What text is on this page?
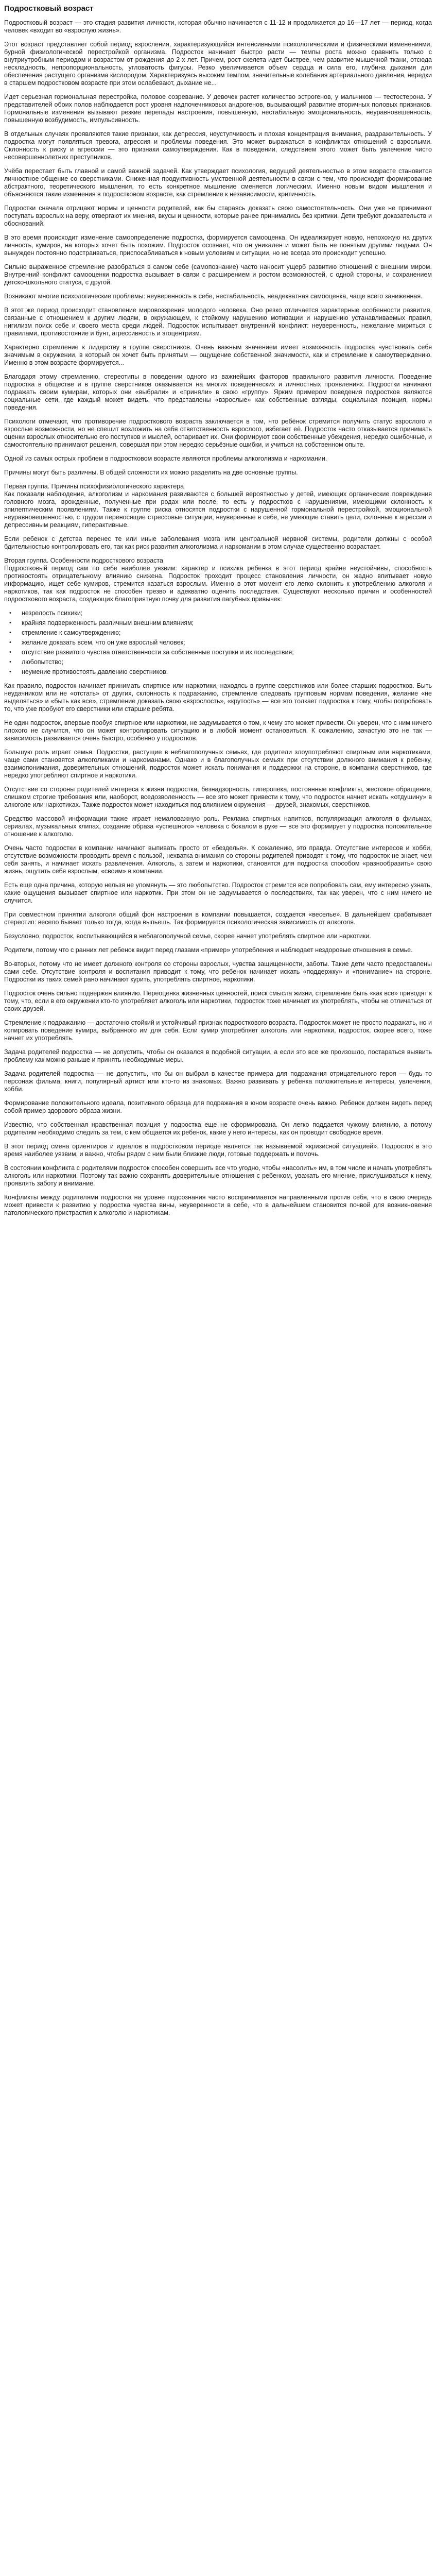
Подростковый возраст

Подростковый возраст — это стадия развития личности, которая обычно начинается с 11-12 и продолжается до 16—17 лет — период, когда человек «входит во «взрослую жизнь».

Этот возраст представляет собой период взросления, характеризующийся интенсивными психологическими и физическими изменениями, бурной физиологической перестройкой организма. Подросток начинает быстро расти — темпы роста можно сравнить только с внутриутробным периодом и возрастом от рождения до 2-х лет. Причем, рост скелета идет быстрее, чем развитие мышечной ткани, отсюда нескладность, непропорциональность, угловатость фигуры. Резко увеличивается объем сердца и сила его, глубина дыхания для обеспечения растущего организма кислородом. Характеризуясь высоким темпом, значительные колебания артериального давления, нередки в старшем подростковом возрасте при этом ослабевают, дыхание не...

Идет серьезная гормональная перестройка, половое созревание. У девочек растет количество эстрогенов, у мальчиков — тестостерона. У представителей обоих полов наблюдается рост уровня надпочечниковых андрогенов, вызывающий развитие вторичных половых признаков. Гормональные изменения вызывают резкие перепады настроения, повышенную, нестабильную эмоциональность, неуравновешенность, повышенную возбудимость, импульсивность.

В отдельных случаях проявляются такие признаки, как депрессия, неуступчивость и плохая концентрация внимания, раздражительность. У подростка могут появляться тревога, агрессия и проблемы поведения. Это может выражаться в конфликтах отношений с взрослыми. Склонность к риску и агрессии — это признаки самоутверждения. Как в поведении, следствием этого может быть увлечение чисто несовершеннолетних преступников.

Учёба перестает быть главной и самой важной задачей. Как утверждает психология, ведущей деятельностью в этом возрасте становится личностное общение со сверстниками. Сниженная продуктивность умственной деятельности в связи с тем, что происходит формирование абстрактного, теоретического мышления, то есть конкретное мышление сменяется логическим. Именно новым видом мышления и объясняются такие изменения в подростковом возрасте, как стремление к независимости, критичность.

Подростки сначала отрицают нормы и ценности родителей, как бы стараясь доказать свою самостоятельность. Они уже не принимают поступать взрослых на веру, отвергают их мнения, вкусы и ценности, которые ранее принимались без критики. Дети требуют доказательств и обоснований.

В это время происходит изменение самоопределение подростка, формируется самооценка. Он идеализирует новую, непохожую на других личность, кумиров, на которых хочет быть похожим. Подросток осознает, что он уникален и может быть не понятым другими людьми. Он вынужден постоянно подстраиваться, приспосабливаться к новым условиям и ситуации, но не всегда это происходит успешно.

Сильно выраженное стремление разобраться в самом себе (самопознание) часто наносит ущерб развитию отношений с внешним миром. Внутренний конфликт самооценки подростка вызывает в связи с расширением и ростом возможностей, с одной стороны, и сохранением детско-школьного статуса, с другой.

Возникают многие психологические проблемы: неуверенность в себе, нестабильность, неадекватная самооценка, чаще всего заниженная.

В этот же период происходит становление мировоззрения молодого человека. Оно резко отличается характерные особенности развития, связанные с отношением к другим людям, в окружающем, к стойкому нарушению мотивации и нарушению устанавливаемых правил, нигилизм поиск себе и своего места среди людей. Подросток испытывает внутренний конфликт: неуверенность, нежелание мириться с правилами, противостояние и бунт, агрессивность и эгоцентризм.

Характерно стремление к лидерству в группе сверстников. Очень важным значением имеет возможность подростка чувствовать себя значимым в окружении, в который он хочет быть принятым — ощущение собственной значимости, как и стремление к самоутверждению. Именно в этом возрасте формируется...

Благодаря этому стремлению, стереотипы в поведении одного из важнейших факторов правильного развития личности. Поведение подростка в обществе и в группе сверстников оказывается на многих поведенческих и личностных проявлениях. Подростки начинают подражать своим кумирам, которых они «выбрали» и «приняли» в свою «группу». Ярким примером поведения подростков являются социальные сети, где каждый может видеть, что представлены «взрослые» как собственные взгляды, социальная позиция, нормы поведения.

Психологи отмечают, что противоречие подросткового возраста заключается в том, что ребёнок стремится получить статус взрослого и взрослые возможности, но не спешит возложить на себя ответственность взрослого, избегает её. Подросток часто отказывается принимать оценки взрослых относительно его поступков и мыслей, оспаривает их. Они формируют свои собственные убеждения, нередко ошибочные, и самостоятельно принимают решения, совершая при этом нередко серьёзные ошибки, и учиться на собственном опыте.

Одной из самых острых проблем в подростковом возрасте являются проблемы алкоголизма и наркомании.

Причины могут быть различны. В общей сложности их можно разделить на две основные группы.

Первая группа. Причины психофизиологического характера

Как показали наблюдения, алкоголизм и наркомания развиваются с большей вероятностью у детей, имеющих органические повреждения головного мозга, врожденные, полученные при родах или после, то есть у подростков с нарушениями, имеющими склонность к эпилептическим проявлениям. Также к группе риска относятся подростки с нарушенной гормональной перестройкой, эмоциональной неуравновешенностью, с трудом переносящие стрессовые ситуации, неуверенные в себе, не умеющие ставить цели, склонные к агрессии и депрессивным реакциям, гиперактивные.

Если ребенок с детства перенес те или иные заболевания мозга или центральной нервной системы, родители должны с особой бдительностью контролировать его, так как риск развития алкоголизма и наркомании в этом случае существенно возрастает.

Вторая группа. Особенности подросткового возраста

Подростковый период сам по себе наиболее уязвим: характер и психика ребенка в этот период крайне неустойчивы, способность противостоять отрицательному влиянию снижена. Подросток проходит процесс становления личности, он жадно впитывает новую информацию, ищет себе кумиров, стремится казаться взрослым. Именно в этот момент его легко склонить к употреблению алкоголя и наркотиков, так как подросток не способен трезво и адекватно оценить последствия. Существуют несколько причин и особенностей подросткового возраста, создающих благоприятную почву для развития пагубных привычек:

• незрелость психики;
• крайняя подверженность различным внешним влияниям;
• стремление к самоутверждению;
• желание доказать всем, что он уже взрослый человек;
• отсутствие развитого чувства ответственности за собственные поступки и их последствия;
• любопытство;
• неумение противостоять давлению сверстников.

Как правило, подросток начинает принимать спиртное или наркотики, находясь в группе сверстников или более старших подростков. Быть неудачником или не «отстать» от других, склонность к подражанию, стремление следовать групповым нормам поведения, желание «не выделяться» и «быть как все», стремление доказать свою «взрослость», «крутость» — все это толкает подростка к тому, чтобы попробовать то, что уже пробуют его сверстники или старшие ребята.

Не один подросток, впервые пробуя спиртное или наркотики, не задумывается о том, к чему это может привести. Он уверен, что с ним ничего плохого не случится, что он может контролировать ситуацию и в любой момент остановиться. К сожалению, зачастую это не так — зависимость развивается очень быстро, особенно у подростков.

Большую роль играет семья. Подростки, растущие в неблагополучных семьях, где родители злоупотребляют спиртным или наркотиками, чаще сами становятся алкоголиками и наркоманами. Однако и в благополучных семьях при отсутствии должного внимания к ребенку, взаимопонимания, доверительных отношений, подросток может искать понимания и поддержки на стороне, в компании сверстников, где нередко употребляют спиртное и наркотики.

Отсутствие со стороны родителей интереса к жизни подростка, безнадзорность, гиперопека, постоянные конфликты, жестокое обращение, слишком строгие требования или, наоборот, вседозволенность — все это может привести к тому, что подросток начнет искать «отдушину» в алкоголе или наркотиках. Также подросток может находиться под влиянием окружения — друзей, знакомых, сверстников.

Средство массовой информации также играет немаловажную роль. Реклама спиртных напитков, популяризация алкоголя в фильмах, сериалах, музыкальных клипах, создание образа «успешного» человека с бокалом в руке — все это формирует у подростка положительное отношение к алкоголю.

Очень часто подростки в компании начинают выпивать просто от «безделья». К сожалению, это правда. Отсутствие интересов и хобби, отсутствие возможности проводить время с пользой, нехватка внимания со стороны родителей приводят к тому, что подросток не знает, чем себя занять, и начинает искать развлечения. Алкоголь, а затем и наркотики, становятся для подростка способом «разнообразить» свою жизнь, ощутить себя взрослым, «своим» в компании.

Есть еще одна причина, которую нельзя не упомянуть — это любопытство. Подросток стремится все попробовать сам, ему интересно узнать, какие ощущения вызывает спиртное или наркотик. При этом он не задумывается о последствиях, так как уверен, что с ним ничего не случится.

При совместном принятии алкоголя общий фон настроения в компании повышается, создается «веселье». В дальнейшем срабатывает стереотип: весело бывает только тогда, когда выпьешь. Так формируется психологическая зависимость от алкоголя.

Безусловно, подросток, воспитывающийся в неблагополучной семье, скорее начнет употреблять спиртное или наркотики.

Родители, потому что с ранних лет ребенок видит перед глазами «пример» употребления и наблюдает нездоровые отношения в семье.

Во-вторых, потому что не имеет должного контроля со стороны взрослых, чувства защищенности, заботы. Такие дети часто предоставлены сами себе. Отсутствие контроля и воспитания приводит к тому, что ребенок начинает искать «поддержку» и «понимание» на стороне. Подростки из таких семей рано начинают курить, употреблять спиртное, наркотики.

Подросток очень сильно подвержен влиянию. Переоценка жизненных ценностей, поиск смысла жизни, стремление быть «как все» приводят к тому, что, если в его окружении кто-то употребляет алкоголь или наркотики, подросток тоже начинает их употреблять, чтобы не отличаться от своих друзей.

Стремление к подражанию — достаточно стойкий и устойчивый признак подросткового возраста. Подросток может не просто подражать, но и копировать поведение кумира, выбранного им для себя. Если кумир употребляет алкоголь или наркотики, подросток, скорее всего, тоже начнет их употреблять.

Задача родителей подростка — не допустить, чтобы он оказался в подобной ситуации, а если это все же произошло, постараться выявить проблему как можно раньше и принять необходимые меры.

Задача родителей подростка — не допустить, что бы он выбрал в качестве примера для подражания отрицательного героя — будь то персонаж фильма, книги, популярный артист или кто-то из знакомых. Важно развивать у ребенка положительные интересы, увлечения, хобби.

Формирование положительного идеала, позитивного образца для подражания в юном возрасте очень важно. Ребенок должен видеть перед собой пример здорового образа жизни.

Известно, что собственная нравственная позиция у подростка еще не сформирована. Он легко поддается чужому влиянию, а потому родителям необходимо следить за тем, с кем общается их ребенок, какие у него интересы, как он проводит свободное время.

В этот период смена ориентиров и идеалов в подростковом периоде является так называемой «кризисной ситуацией». Подросток в это время наиболее уязвим, и важно, чтобы рядом с ним были близкие люди, готовые поддержать и помочь.

В состоянии конфликта с родителями подросток способен совершить все что угодно, чтобы «насолить» им, в том числе и начать употреблять алкоголь или наркотики. Поэтому так важно сохранять доверительные отношения с ребенком, уважать его мнение, прислушиваться к нему, проявлять заботу и внимание.

Конфликты между родителями подростка на уровне подсознания часто воспринимается направленными против себя, что в свою очередь может привести к развитию у подростка чувства вины, неуверенности в себе, что в дальнейшем становится почвой для возникновения патологического пристрастия к алкоголю и наркотикам.
